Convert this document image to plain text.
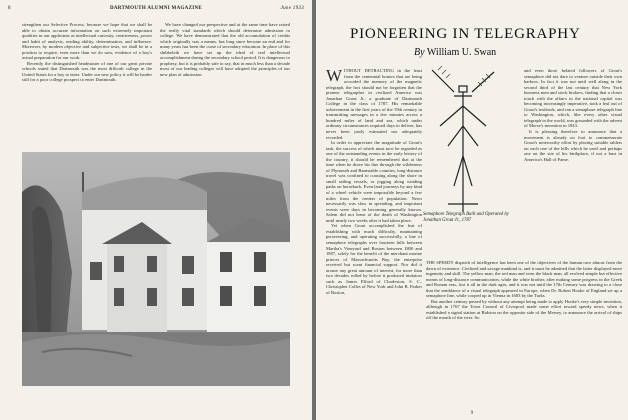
8	DARTMOUTH ALUMNI MAGAZINE	June 1933

strengthen our Selective Process, because we hope that we shall be able to obtain accurate information on such extremely important qualities in our applicants as intellectual curiosity, creativeness, power and habit of analysis, reading ability, determination, and influence. Moreover, by modern objective and subjective tests, we shall be in a position to require, even more than we do now, evidence of a boy's actual preparation for our work.

Recently the distinguished headmaster of one of our great private schools stated that Dartmouth was the most difficult college in the United States for a boy to enter. Under our new policy it will be harder still for a poor college prospect to enter Dartmouth.

We have changed our perspective and at the same time have raised the really vital standards which should determine admission to college. We have demonstrated that the old accumulation of credits which originally was a means, has long since become an end and for many years has been the curse of secondary education. In place of this shibboleth we have set up the ideal of real intellectual accomplishment during the secondary school period. It is dangerous to prophesy, but it is probably safe to say, that in much less than a decade most of our leading colleges will have adopted the principles of our new plan of admission.

PIONEERING IN TELEGRAPHY
By William U. Swan

WITHOUT DETRACTING in the least from the centennial honors that are being accorded the memory of the magnetic telegraph, the fact should not be forgotten that the pioneer telegrapher in civilized America was Jonathan Grout Jr., a graduate of Dartmouth College in the class of 1787. His remarkable achievement in the first years of the 19th century in transmitting messages in a few minutes across a hundred miles of land and sea, which under ordinary circumstances required days to deliver, has never been justly estimated nor adequately recorded.

In order to appreciate the magnitude of Grout's task, the success of which must now be regarded as one of the outstanding events in the early history of the country, it should be remembered that at the time when he drove his line through the wilderness of Plymouth and Barnstable counties, long-distance travel was confined to coasting along the shore in small sailing vessels, or jogging along winding paths on horseback. Even land journeys by any kind of a wheel vehicle were impossible beyond a few miles from the centers of population. News necessarily was slow in spreading, and important events were days in becoming generally known. Salem did not learn of the death of Washington until nearly two weeks after it had taken place.

Yet when Grout accomplished the feat of establishing with much difficulty, maintaining persevering, and operating successfully, a line of semaphore telegraphs over fourteen hills between Martha's Vineyard and Boston between 1800 and 1807, solely for the benefit of the merchant marine princes of Massachusetts Bay, the enterprise received but scant financial support. Nor did it arouse any great amount of interest, for more than two decades rolled by before it produced imitators such as James Elford of Charleston, S. C., Christopher Colles of New York and John R. Parker of Boston,

Semaphore Telegraph Built and Operated by Jonathan Grout Jr., 1787

and even those belated followers of Grout's semaphore did not dare to venture outside their own harbors. In fact it was not until well along in the second third of the last century that New York business men and stock brokers, finding that a closer touch with the affairs in the national capital was becoming increasingly imperative, took a leaf out of Grout's textbook, and ran a semaphore telegraph line to Washington, which, like every other visual telegraph in the world, was grounded with the advent of Morse's invention in 1843.

It is pleasing therefore to announce that a movement is already on foot to commemorate Grout's noteworthy effort by placing suitable tablets on each one of the hills which he used and perhaps one on the site of his birthplace, if not a bust in America's Hall of Fame.

THE SPEEDY dispatch of intelligence has been one of the objectives of the human race almost from the dawn of existence. Civilized and savage mankind is, and it must be admitted that the latter displayed more ingenuity and skill. The yellow man, the red man and even the black man, all evolved simple but effective means of long-distance communication, while the white brother, after making some progress in the Greek and Roman eras, lost it all in the dark ages, and it was not until the 17th Century was drawing to a close that the semblance of a visual telegraph appeared in Europe, when Dr. Robert Hooke of England set up a semaphore line, while cooped up in Vienna in 1683 by the Turks.

But another century passed by without any attempt being made to apply Hooke's very simple invention, although in 1767 the Town Council of Liverpool made some effort toward speedy news, when it established a signal station at Bidston on the opposite side of the Mersey, to announce the arrival of ships off the mouth of the river. So

9
